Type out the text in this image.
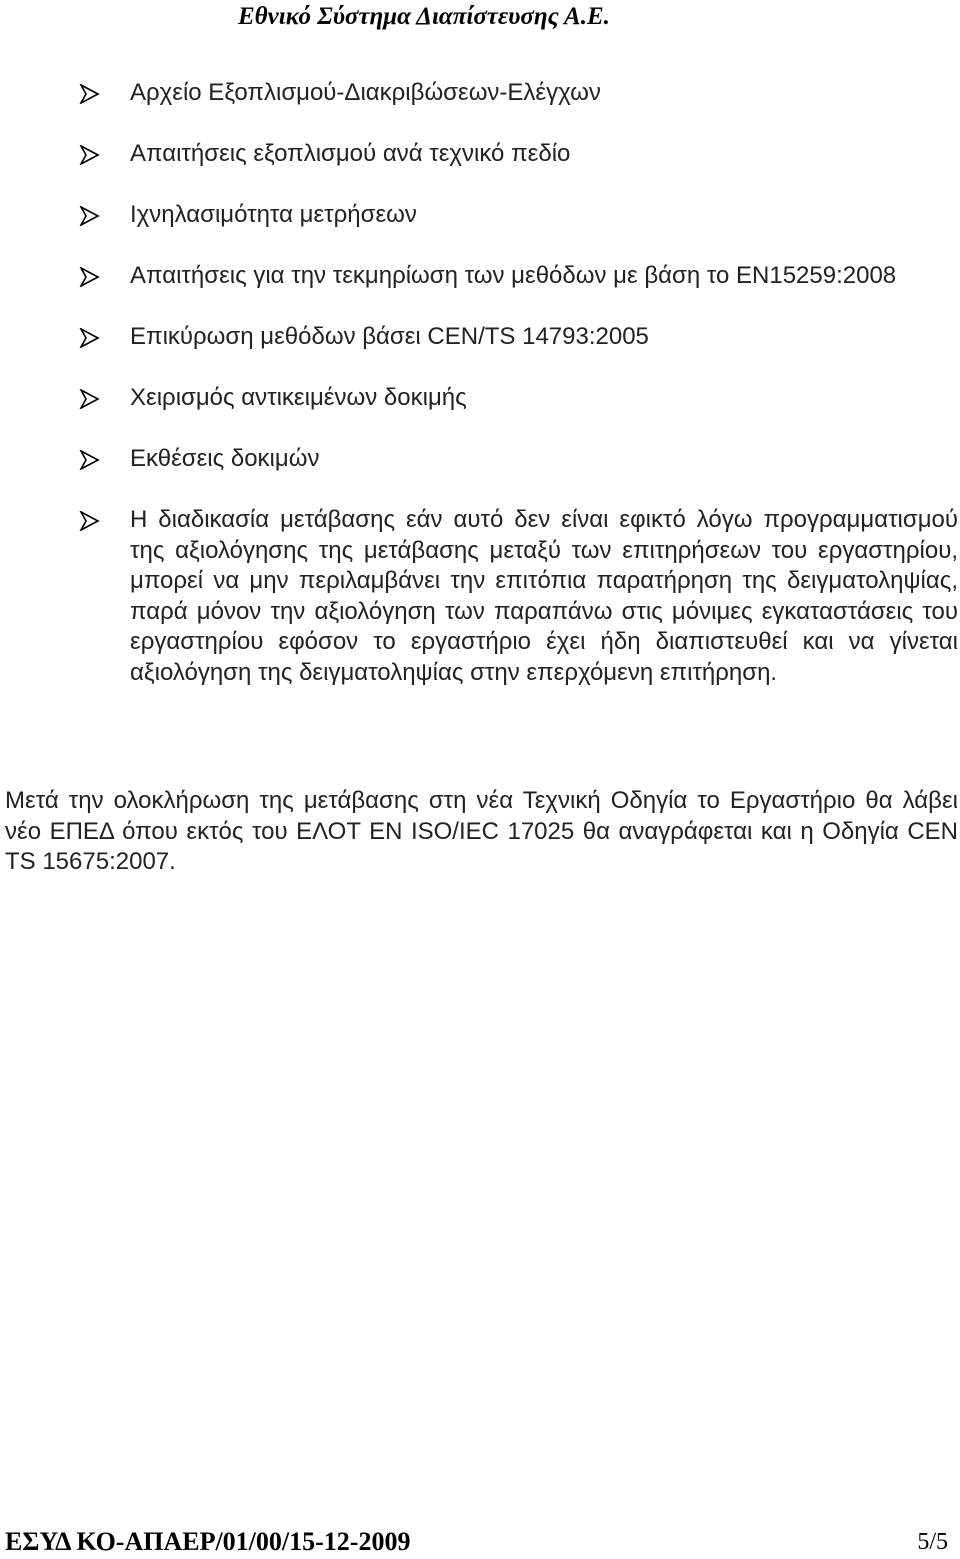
Εθνικό Σύστημα Διαπίστευσης Α.Ε.
Αρχείο Εξοπλισμού-Διακριβώσεων-Ελέγχων
Απαιτήσεις εξοπλισμού ανά τεχνικό πεδίο
Ιχνηλασιμότητα μετρήσεων
Απαιτήσεις για την τεκμηρίωση των μεθόδων με βάση το ΕΝ15259:2008
Επικύρωση μεθόδων βάσει CEN/TS 14793:2005
Χειρισμός αντικειμένων δοκιμής
Εκθέσεις δοκιμών
Η διαδικασία μετάβασης εάν αυτό δεν είναι εφικτό λόγω προγραμματισμού της αξιολόγησης της μετάβασης μεταξύ των επιτηρήσεων του εργαστηρίου, μπορεί να μην περιλαμβάνει την επιτόπια παρατήρηση της δειγματοληψίας, παρά μόνον την αξιολόγηση των παραπάνω στις μόνιμες εγκαταστάσεις του εργαστηρίου εφόσον το εργαστήριο έχει ήδη διαπιστευθεί και να γίνεται αξιολόγηση της δειγματοληψίας στην επερχόμενη επιτήρηση.

Μετά την ολοκλήρωση της μετάβασης στη νέα Τεχνική Οδηγία το Εργαστήριο θα λάβει νέο ΕΠΕΔ όπου εκτός του ΕΛΟΤ ΕΝ ISO/IEC 17025 θα αναγράφεται και η Οδηγία CEN TS 15675:2007.

ΕΣΥΔ ΚΟ-ΑΠΑΕΡ/01/00/15-12-2009	5/5
